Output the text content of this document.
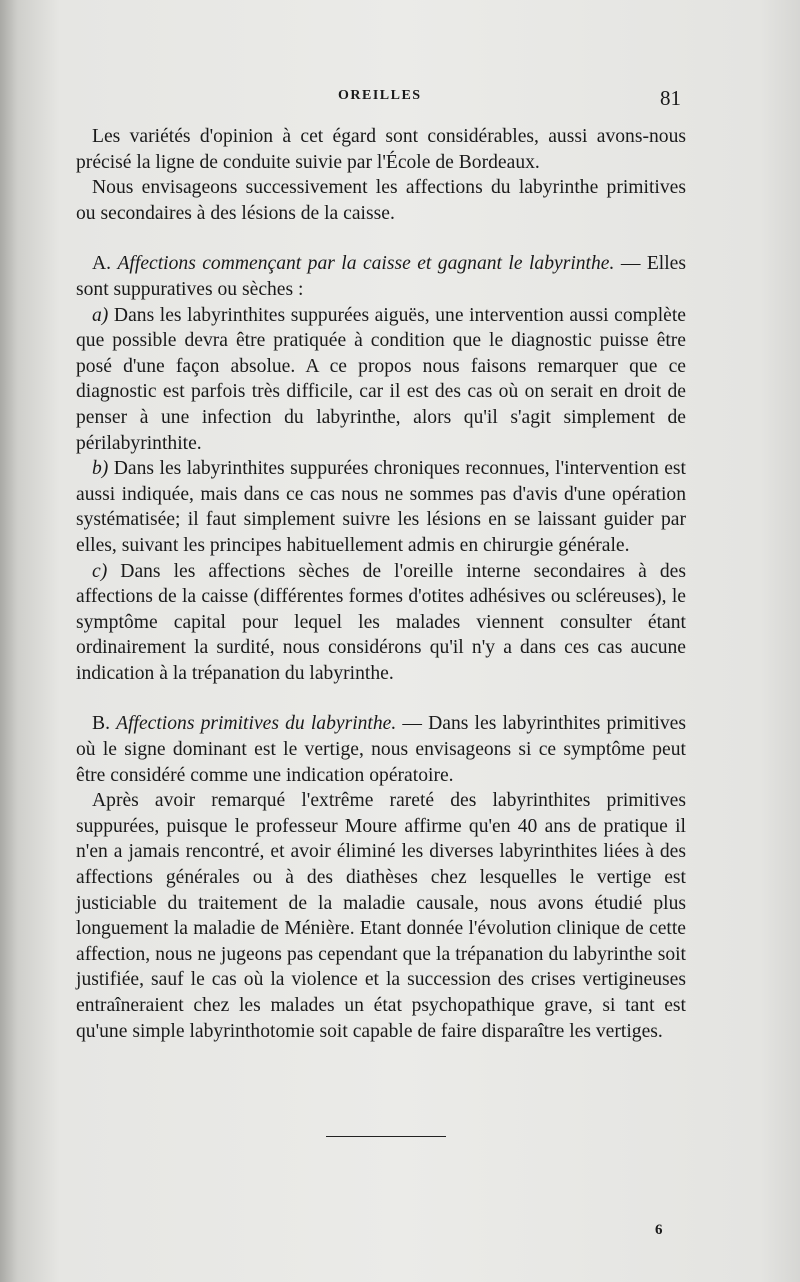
OREILLES	81

Les variétés d'opinion à cet égard sont considérables, aussi avons-nous précisé la ligne de conduite suivie par l'École de Bordeaux.

Nous envisageons successivement les affections du labyrinthe primitives ou secondaires à des lésions de la caisse.

A. Affections commençant par la caisse et gagnant le labyrinthe. — Elles sont suppuratives ou sèches :

a) Dans les labyrinthites suppurées aiguës, une intervention aussi complète que possible devra être pratiquée à condition que le diagnostic puisse être posé d'une façon absolue. A ce propos nous faisons remarquer que ce diagnostic est parfois très difficile, car il est des cas où on serait en droit de penser à une infection du labyrinthe, alors qu'il s'agit simplement de périlabyrinthite.

b) Dans les labyrinthites suppurées chroniques reconnues, l'intervention est aussi indiquée, mais dans ce cas nous ne sommes pas d'avis d'une opération systématisée; il faut simplement suivre les lésions en se laissant guider par elles, suivant les principes habituellement admis en chirurgie générale.

c) Dans les affections sèches de l'oreille interne secondaires à des affections de la caisse (différentes formes d'otites adhésives ou scléreuses), le symptôme capital pour lequel les malades viennent consulter étant ordinairement la surdité, nous considérons qu'il n'y a dans ces cas aucune indication à la trépanation du labyrinthe.

B. Affections primitives du labyrinthe. — Dans les labyrinthites primitives où le signe dominant est le vertige, nous envisageons si ce symptôme peut être considéré comme une indication opératoire.

Après avoir remarqué l'extrême rareté des labyrinthites primitives suppurées, puisque le professeur Moure affirme qu'en 40 ans de pratique il n'en a jamais rencontré, et avoir éliminé les diverses labyrinthites liées à des affections générales ou à des diathèses chez lesquelles le vertige est justiciable du traitement de la maladie causale, nous avons étudié plus longuement la maladie de Ménière. Etant donnée l'évolution clinique de cette affection, nous ne jugeons pas cependant que la trépanation du labyrinthe soit justifiée, sauf le cas où la violence et la succession des crises vertigineuses entraîneraient chez les malades un état psychopathique grave, si tant est qu'une simple labyrinthotomie soit capable de faire disparaître les vertiges.

6
